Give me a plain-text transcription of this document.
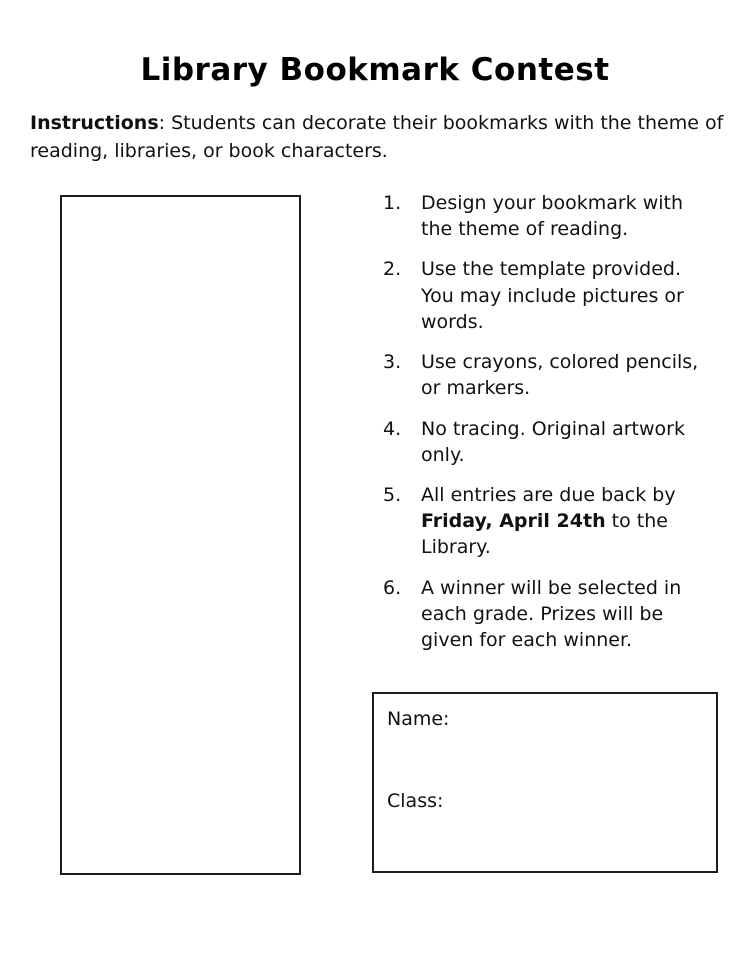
Library Bookmark Contest
Instructions: Students can decorate their bookmarks with the theme of reading, libraries, or book characters.
1.	Design your bookmark with the theme of reading.
2.	Use the template provided. You may include pictures or words.
3.	Use crayons, colored pencils, or markers.
4.	No tracing. Original artwork only.
5.	All entries are due back by Friday, April 24th to the Library.
6.	A winner will be selected in each grade. Prizes will be given for each winner.
Name:
Class:
